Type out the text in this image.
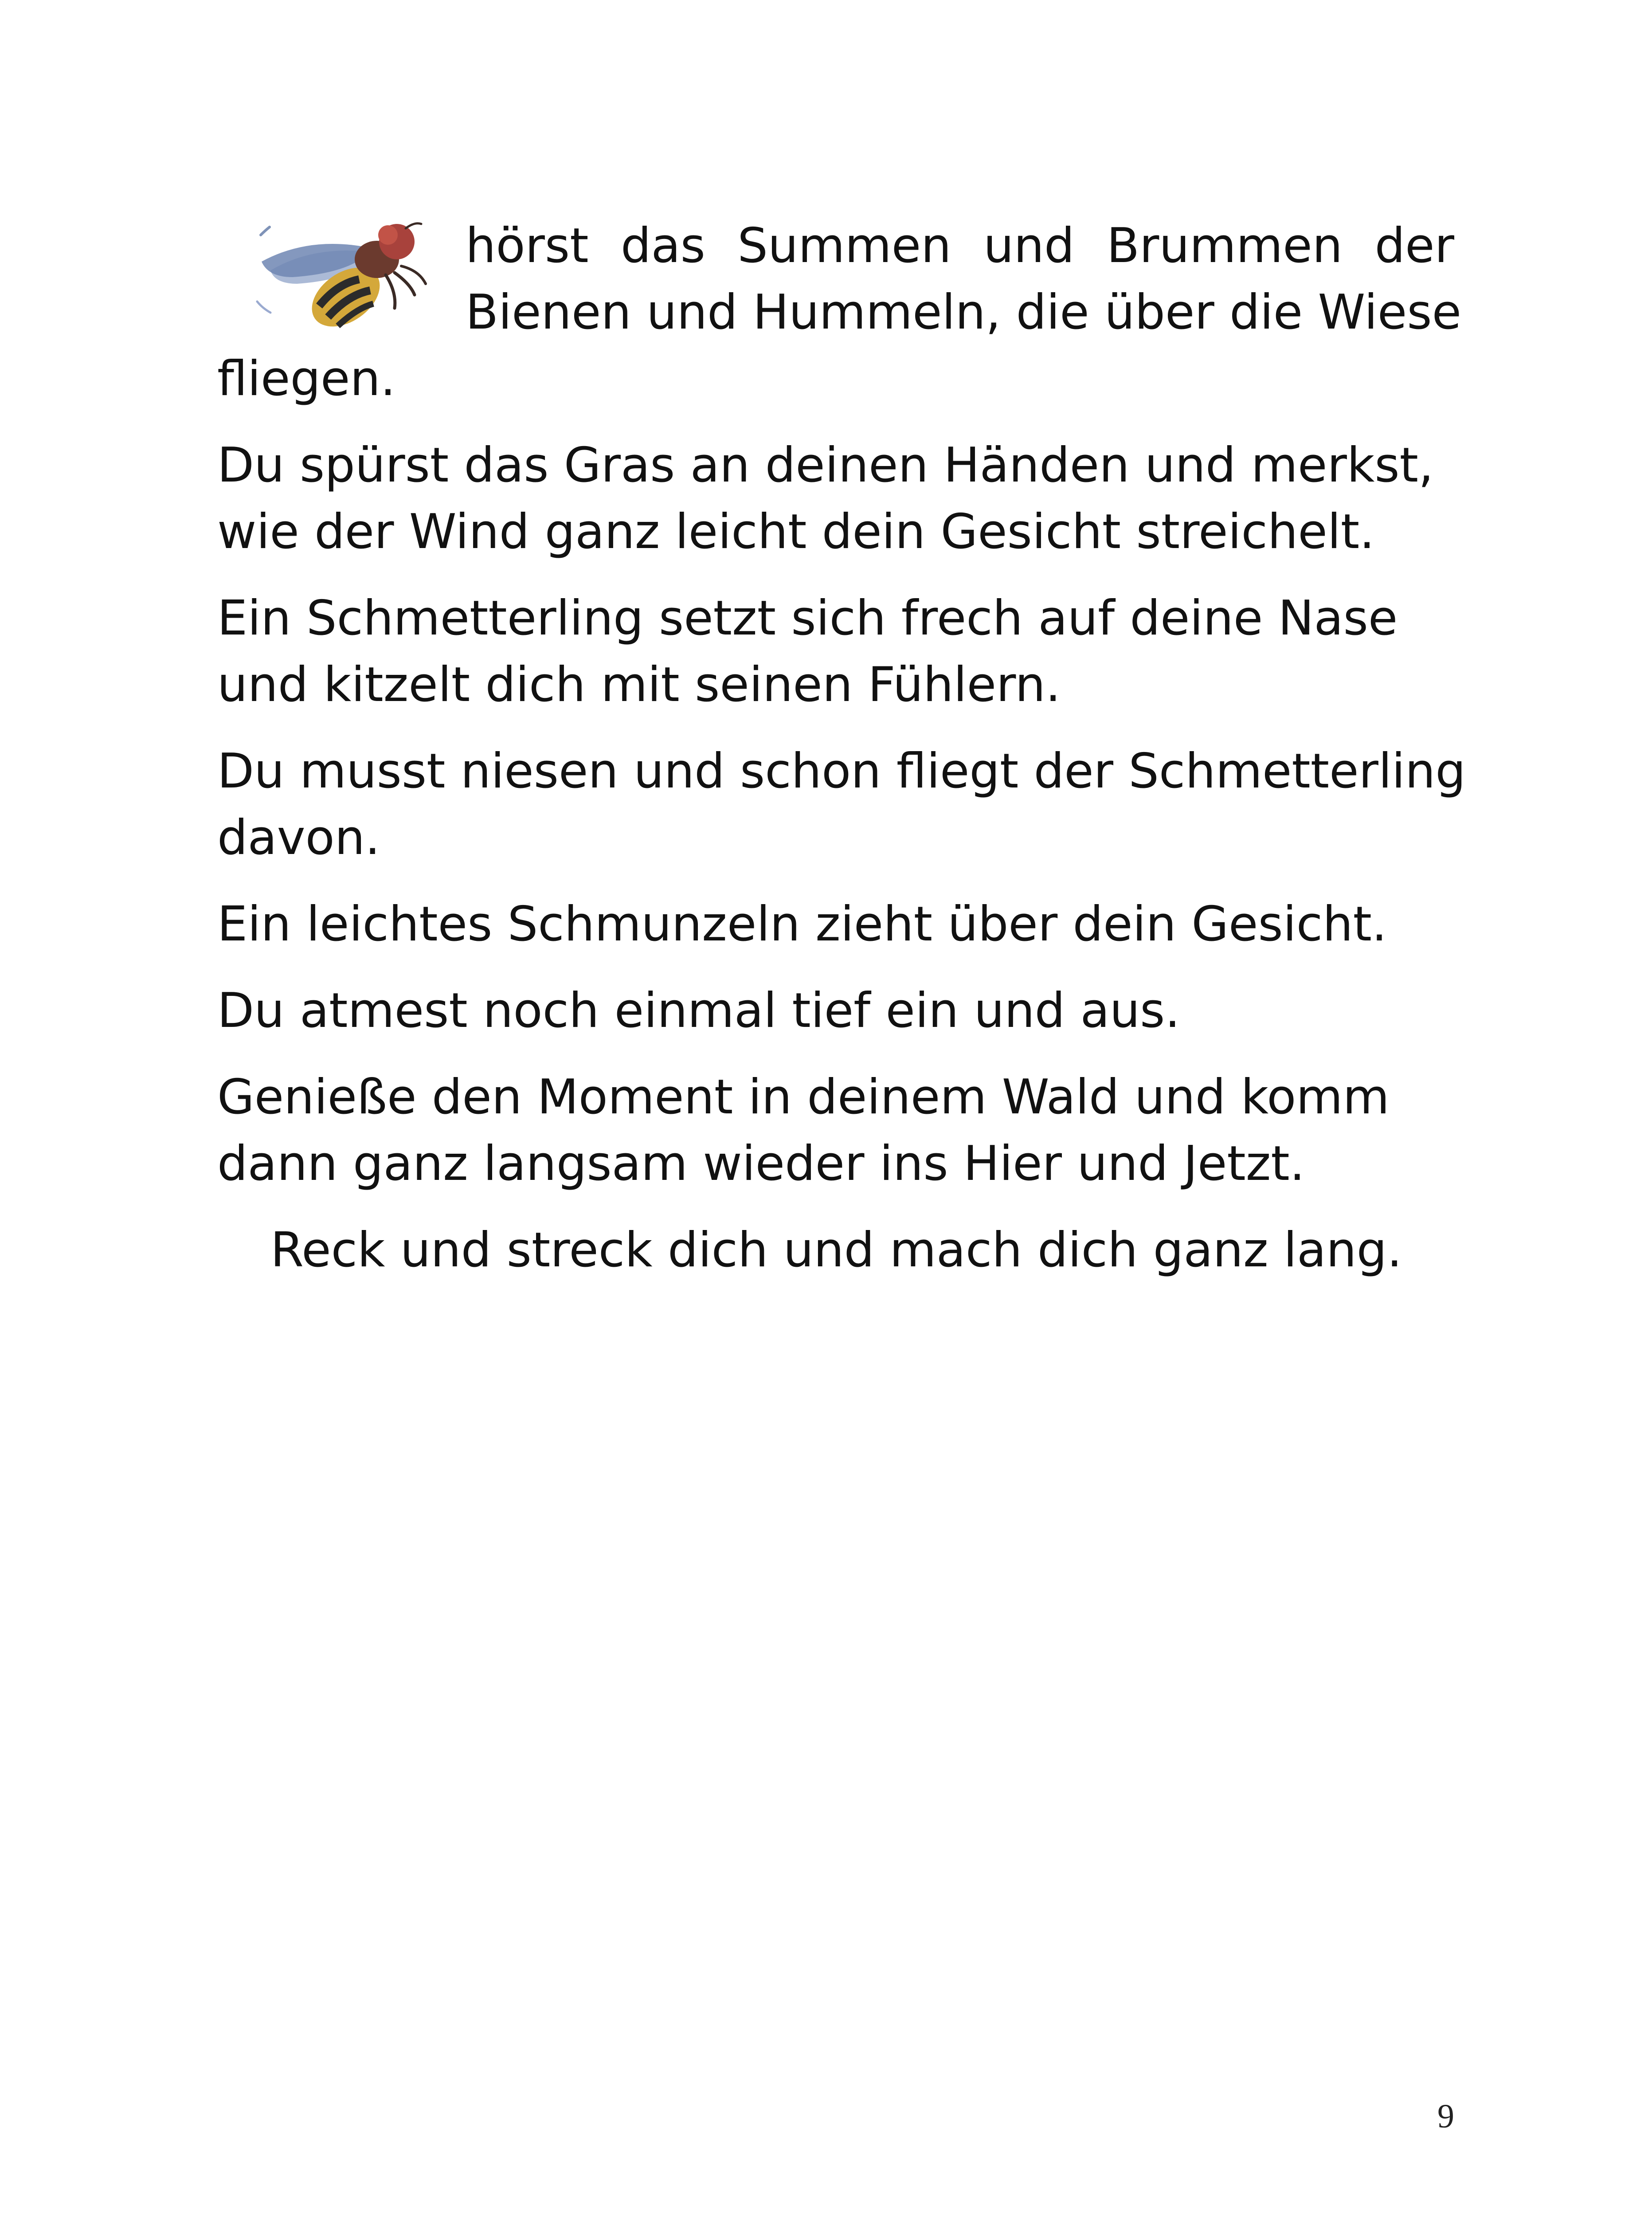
hörst das Summen und Brummen der
Bienen und Hummeln, die über die Wiese
fliegen.

Du spürst das Gras an deinen Händen und merkst,
wie der Wind ganz leicht dein Gesicht streichelt.

Ein Schmetterling setzt sich frech auf deine Nase
und kitzelt dich mit seinen Fühlern.

Du musst niesen und schon fliegt der Schmetterling
davon.

Ein leichtes Schmunzeln zieht über dein Gesicht.

Du atmest noch einmal tief ein und aus.

Genieße den Moment in deinem Wald und komm
dann ganz langsam wieder ins Hier und Jetzt.

Reck und streck dich und mach dich ganz lang.

9
